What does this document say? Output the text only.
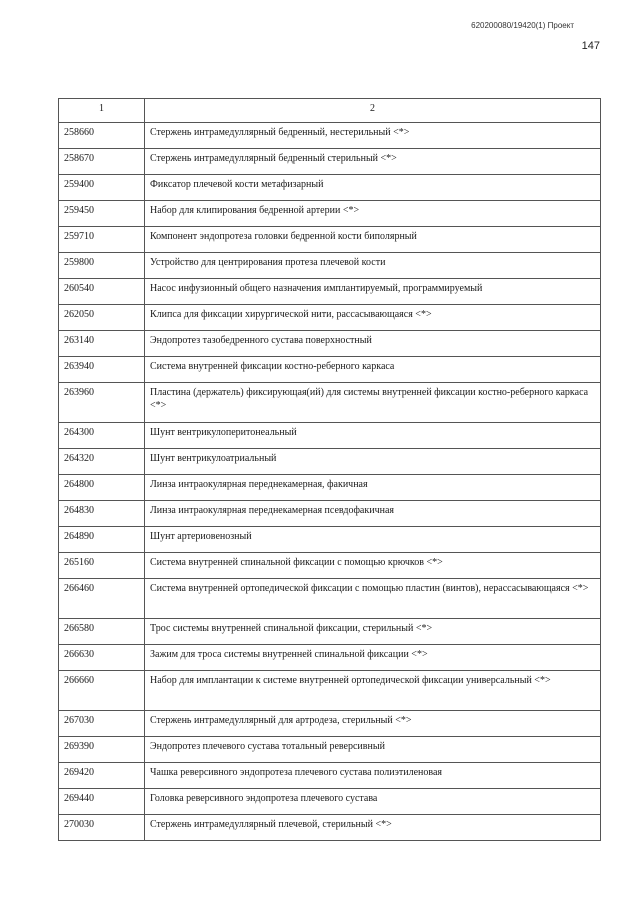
620200080/19420(1) Проект
147
1	2
258660	Стержень интрамедуллярный бедренный, нестерильный <*>
258670	Стержень интрамедуллярный бедренный стерильный <*>
259400	Фиксатор плечевой кости метафизарный
259450	Набор для клипирования бедренной артерии <*>
259710	Компонент эндопротеза головки бедренной кости биполярный
259800	Устройство для центрирования протеза плечевой кости
260540	Насос инфузионный общего назначения имплантируемый, программируемый
262050	Клипса для фиксации хирургической нити, рассасывающаяся <*>
263140	Эндопротез тазобедренного сустава поверхностный
263940	Система внутренней фиксации костно-реберного каркаса
263960	Пластина (держатель) фиксирующая(ий) для системы внутренней фиксации костно-реберного каркаса <*>
264300	Шунт вентрикулоперитонеальный
264320	Шунт вентрикулоатриальный
264800	Линза интраокулярная переднекамерная, факичная
264830	Линза интраокулярная переднекамерная псевдофакичная
264890	Шунт артериовенозный
265160	Система внутренней спинальной фиксации с помощью крючков <*>
266460	Система внутренней ортопедической фиксации с помощью пластин (винтов), нерассасывающаяся <*>
266580	Трос системы внутренней спинальной фиксации, стерильный <*>
266630	Зажим для троса системы внутренней спинальной фиксации <*>
266660	Набор для имплантации к системе внутренней ортопедической фиксации универсальный <*>
267030	Стержень интрамедуллярный для артродеза, стерильный <*>
269390	Эндопротез плечевого сустава тотальный реверсивный
269420	Чашка реверсивного эндопротеза плечевого сустава полиэтиленовая
269440	Головка реверсивного эндопротеза плечевого сустава
270030	Стержень интрамедуллярный плечевой, стерильный <*>
